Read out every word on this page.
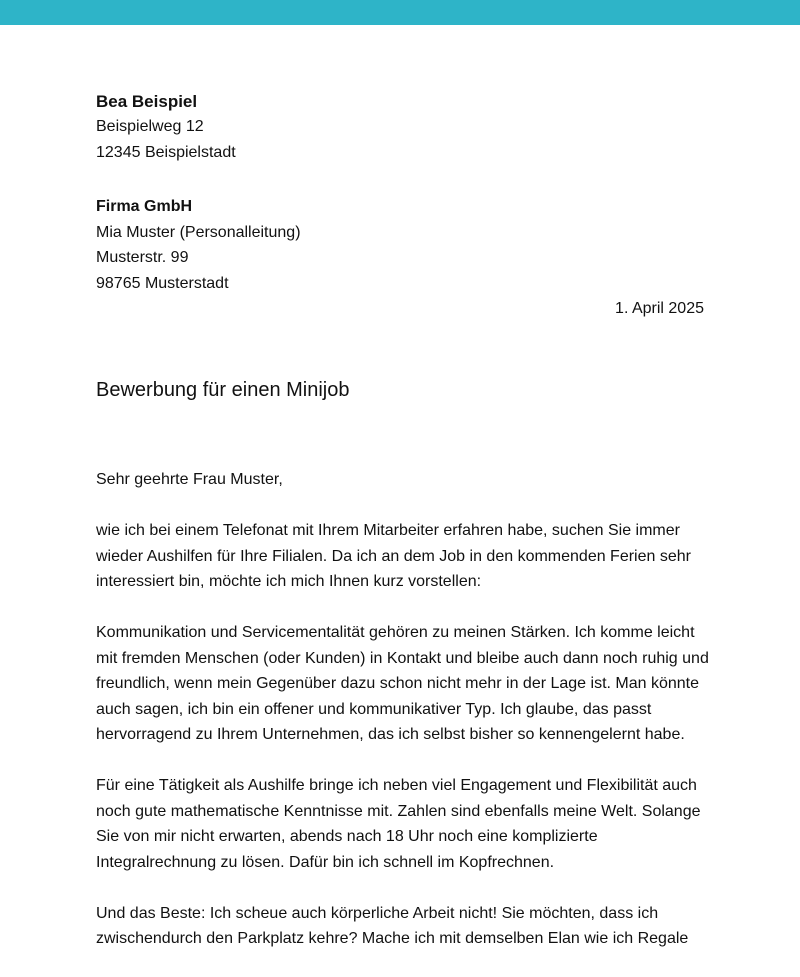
Bea Beispiel

Beispielweg 12

12345 Beispielstadt

Firma GmbH

Mia Muster (Personalleitung)

Musterstr. 99

98765 Musterstadt

1. April 2025

Bewerbung für einen Minijob

Sehr geehrte Frau Muster,

wie ich bei einem Telefonat mit Ihrem Mitarbeiter erfahren habe, suchen Sie immer wieder Aushilfen für Ihre Filialen. Da ich an dem Job in den kommenden Ferien sehr interessiert bin, möchte ich mich Ihnen kurz vorstellen:

Kommunikation und Servicementalität gehören zu meinen Stärken. Ich komme leicht mit fremden Menschen (oder Kunden) in Kontakt und bleibe auch dann noch ruhig und freundlich, wenn mein Gegenüber dazu schon nicht mehr in der Lage ist. Man könnte auch sagen, ich bin ein offener und kommunikativer Typ. Ich glaube, das passt hervorragend zu Ihrem Unternehmen, das ich selbst bisher so kennengelernt habe.

Für eine Tätigkeit als Aushilfe bringe ich neben viel Engagement und Flexibilität auch noch gute mathematische Kenntnisse mit. Zahlen sind ebenfalls meine Welt. Solange Sie von mir nicht erwarten, abends nach 18 Uhr noch eine komplizierte Integralrechnung zu lösen. Dafür bin ich schnell im Kopfrechnen.

Und das Beste: Ich scheue auch körperliche Arbeit nicht! Sie möchten, dass ich zwischendurch den Parkplatz kehre? Mache ich mit demselben Elan wie ich Regale
